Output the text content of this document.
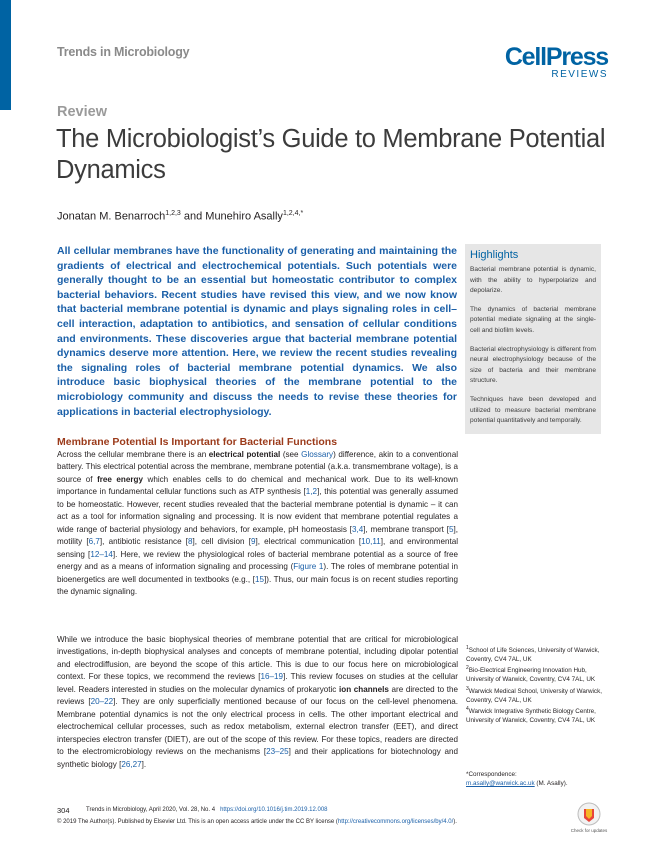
Trends in Microbiology	CellPress
REVIEWS
Review
The Microbiologist’s Guide to Membrane Potential Dynamics
Jonatan M. Benarroch$^{1,2,3}$ and Munehiro Asally$^{1,2,4,*}$

All cellular membranes have the functionality of generating and maintaining the gradients of electrical and electrochemical potentials. Such potentials were generally thought to be an essential but homeostatic contributor to complex bacterial behaviors. Recent studies have revised this view, and we now know that bacterial membrane potential is dynamic and plays signaling roles in cell–cell interaction, adaptation to antibiotics, and sensation of cellular conditions and environments. These discoveries argue that bacterial membrane potential dynamics deserve more attention. Here, we review the recent studies revealing the signaling roles of bacterial membrane potential dynamics. We also introduce basic biophysical theories of the membrane potential to the microbiology community and discuss the needs to revise these theories for applications in bacterial electrophysiology.

Highlights

Bacterial membrane potential is dynamic, with the ability to hyperpolarize and depolarize.

The dynamics of bacterial membrane potential mediate signaling at the single-cell and biofilm levels.

Bacterial electrophysiology is different from neural electrophysiology because of the size of bacteria and their membrane structure.

Techniques have been developed and utilized to measure bacterial membrane potential quantitatively and temporally.

Membrane Potential Is Important for Bacterial Functions

Across the cellular membrane there is an electrical potential (see Glossary) difference, akin to a conventional battery. This electrical potential across the membrane, membrane potential (a.k.a. transmembrane voltage), is a source of free energy which enables cells to do chemical and mechanical work. Due to its well-known importance in fundamental cellular functions such as ATP synthesis [1,2], this potential was generally assumed to be homeostatic. However, recent studies revealed that the bacterial membrane potential is dynamic – it can act as a tool for information signaling and processing. It is now evident that membrane potential regulates a wide range of bacterial physiology and behaviors, for example, pH homeostasis [3,4], membrane transport [5], motility [6,7], antibiotic resistance [8], cell division [9], electrical communication [10,11], and environmental sensing [12–14]. Here, we review the physiological roles of bacterial membrane potential as a source of free energy and as a means of information signaling and processing (Figure 1). The roles of membrane potential in bioenergetics are well documented in textbooks (e.g., [15]). Thus, our main focus is on recent studies reporting the dynamic signaling.

While we introduce the basic biophysical theories of membrane potential that are critical for microbiological investigations, in-depth biophysical analyses and concepts of membrane potential, including dipolar potential and electrodiffusion, are beyond the scope of this article. This is due to our focus here on microbiological context. For these topics, we recommend the reviews [16–19]. This review focuses on studies at the cellular level. Readers interested in studies on the molecular dynamics of prokaryotic ion channels are directed to the reviews [20–22]. They are only superficially mentioned because of our focus on the cell-level phenomena. Membrane potential dynamics is not the only electrical process in cells. The other important electrical and electrochemical cellular processes, such as redox metabolism, external electron transfer (EET), and direct interspecies electron transfer (DIET), are out of the scope of this review. For these topics, readers are directed to the electromicrobiology reviews on the mechanisms [23–25] and their applications for biotechnology and synthetic biology [26,27].

$^1$School of Life Sciences, University of Warwick, Coventry, CV4 7AL, UK
$^2$Bio-Electrical Engineering Innovation Hub, University of Warwick, Coventry, CV4 7AL, UK
$^3$Warwick Medical School, University of Warwick, Coventry, CV4 7AL, UK
$^4$Warwick Integrative Synthetic Biology Centre, University of Warwick, Coventry, CV4 7AL, UK
*Correspondence:
m.asally@warwick.ac.uk (M. Asally).
304	Trends in Microbiology, April 2020, Vol. 28, No. 4 https://doi.org/10.1016/j.tim.2019.12.008
© 2019 The Author(s). Published by Elsevier Ltd. This is an open access article under the CC BY license (http://creativecommons.org/licenses/by/4.0/).
Check for updates
